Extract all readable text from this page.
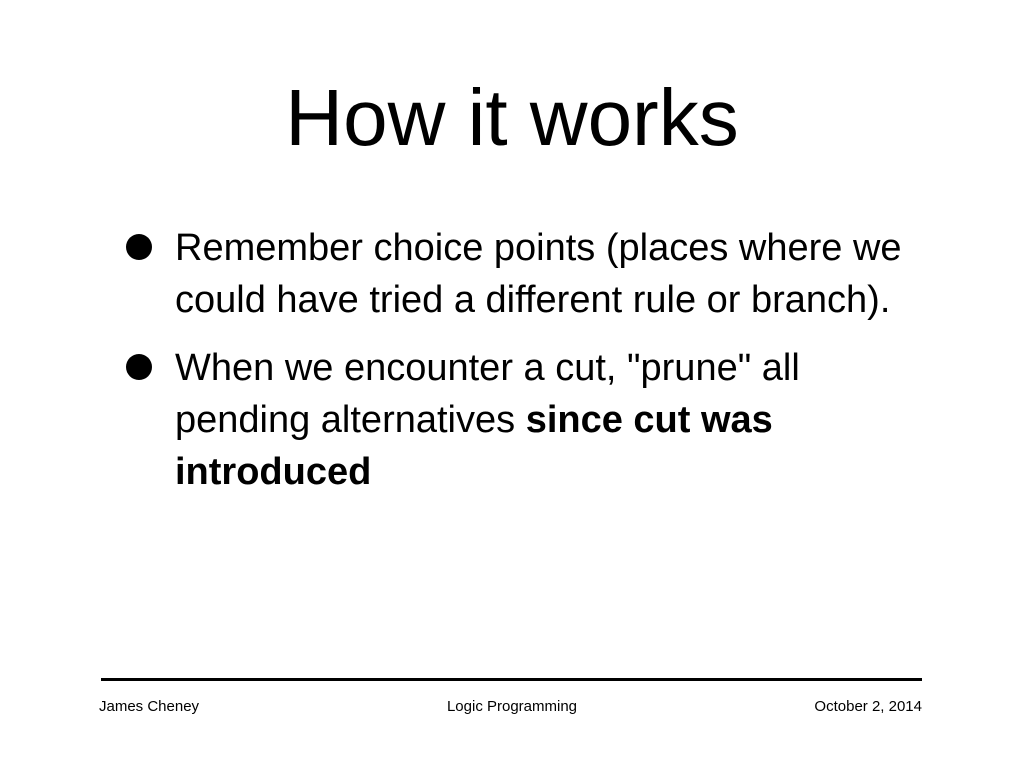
How it works
Remember choice points (places where we could have tried a different rule or branch).
When we encounter a cut, "prune" all pending alternatives since cut was introduced
James Cheney	Logic Programming	October 2, 2014
